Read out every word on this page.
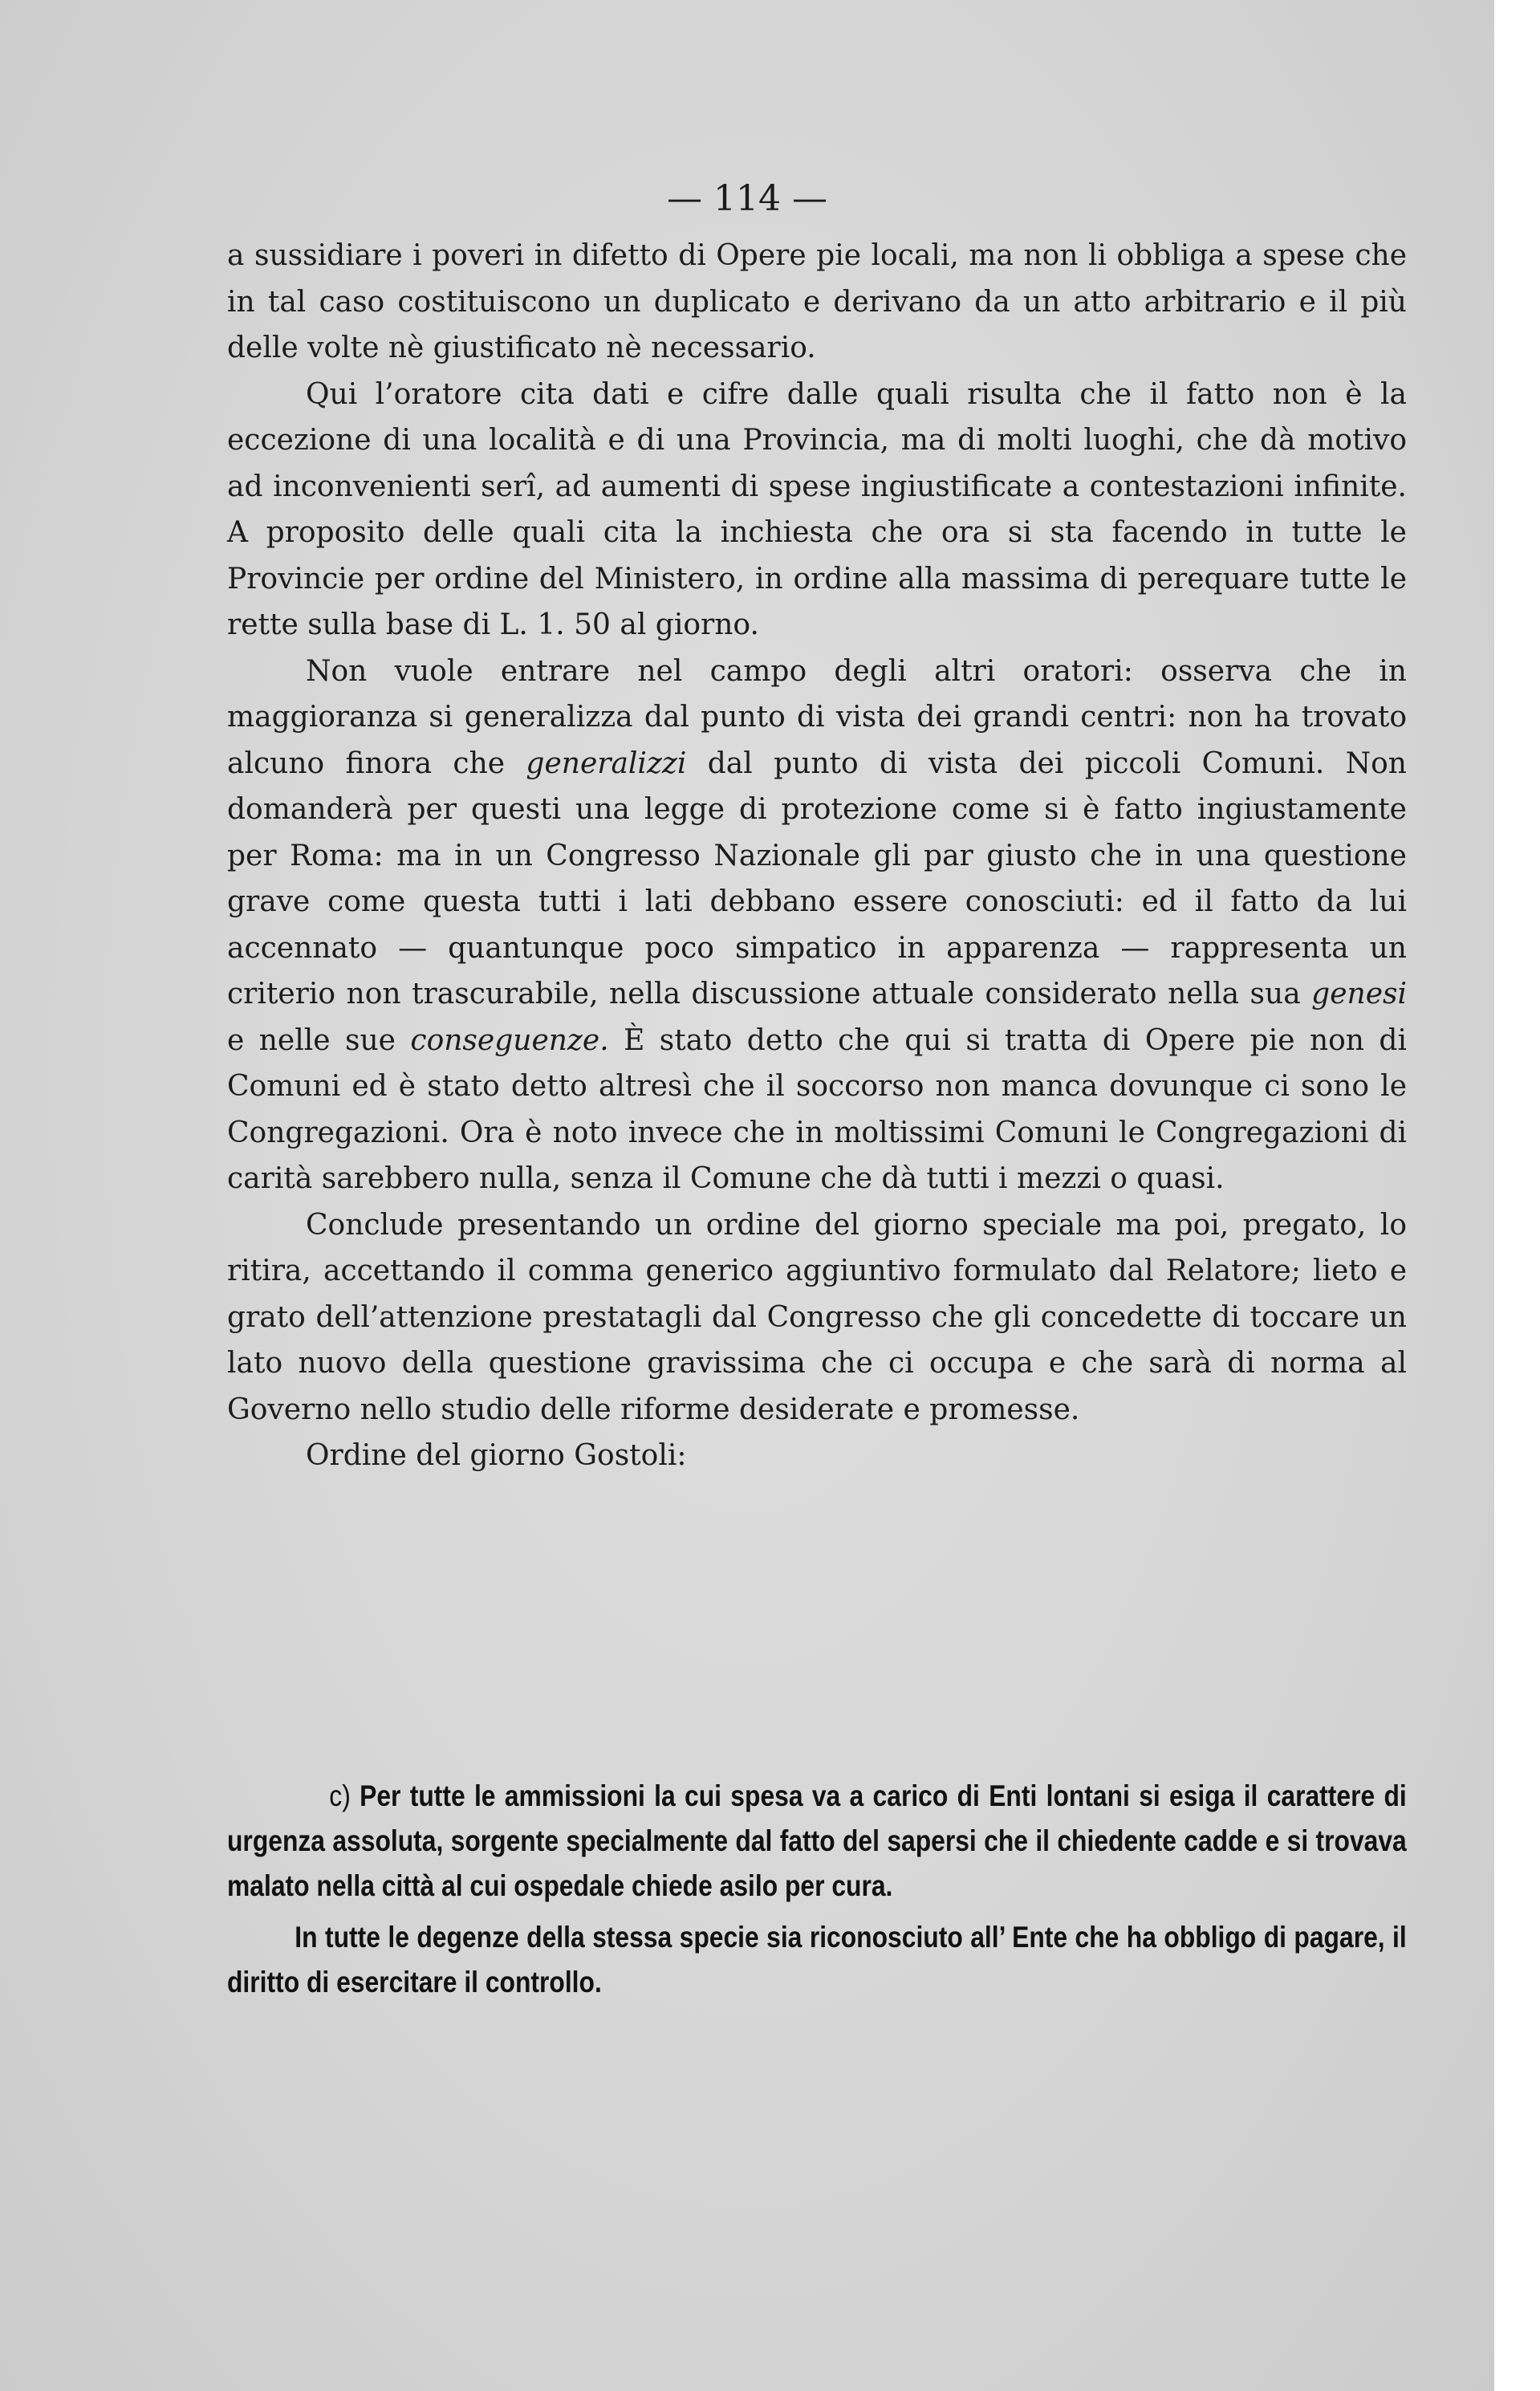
— 114 —

a sussidiare i poveri in difetto di Opere pie locali, ma non li obbliga a spese che in tal caso costituiscono un duplicato e derivano da un atto arbitrario e il più delle volte nè giustificato nè necessario.

Qui l’oratore cita dati e cifre dalle quali risulta che il fatto non è la eccezione di una località e di una Provincia, ma di molti luoghi, che dà motivo ad inconvenienti serî, ad aumenti di spese ingiustificate a contestazioni infinite. A proposito delle quali cita la inchiesta che ora si sta facendo in tutte le Provincie per ordine del Ministero, in ordine alla massima di perequare tutte le rette sulla base di L. 1. 50 al giorno.

Non vuole entrare nel campo degli altri oratori: osserva che in maggioranza si generalizza dal punto di vista dei grandi centri: non ha trovato alcuno finora che generalizzi dal punto di vista dei piccoli Comuni. Non domanderà per questi una legge di protezione come si è fatto ingiustamente per Roma: ma in un Congresso Nazionale gli par giusto che in una questione grave come questa tutti i lati debbano essere conosciuti: ed il fatto da lui accennato — quantunque poco simpatico in apparenza — rappresenta un criterio non trascurabile, nella discussione attuale considerato nella sua genesi e nelle sue conseguenze. È stato detto che qui si tratta di Opere pie non di Comuni ed è stato detto altresì che il soccorso non manca dovunque ci sono le Congregazioni. Ora è noto invece che in moltissimi Comuni le Congregazioni di carità sarebbero nulla, senza il Comune che dà tutti i mezzi o quasi.

Conclude presentando un ordine del giorno speciale ma poi, pregato, lo ritira, accettando il comma generico aggiuntivo formulato dal Relatore; lieto e grato dell’attenzione prestatagli dal Congresso che gli concedette di toccare un lato nuovo della questione gravissima che ci occupa e che sarà di norma al Governo nello studio delle riforme desiderate e promesse.

Ordine del giorno Gostoli:

c) Per tutte le ammissioni la cui spesa va a carico di Enti lontani si esiga il carattere di urgenza assoluta, sorgente specialmente dal fatto del sapersi che il chiedente cadde e si trovava malato nella città al cui ospedale chiede asilo per cura.

In tutte le degenze della stessa specie sia riconosciuto all’ Ente che ha obbligo di pagare, il diritto di esercitare il controllo.
